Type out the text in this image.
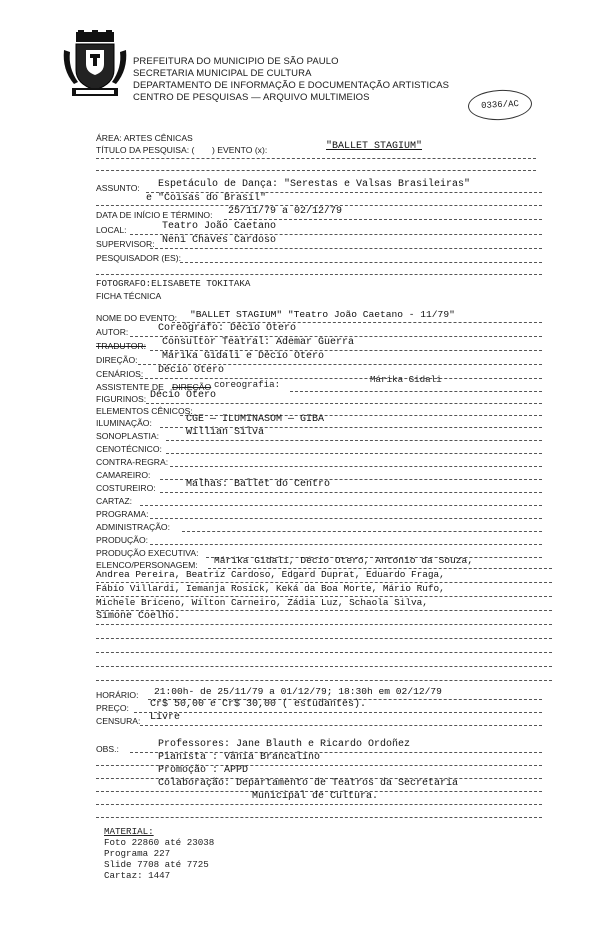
PREFEITURA DO MUNICIPIO DE SÃO PAULO
SECRETARIA MUNICIPAL DE CULTURA
DEPARTAMENTO DE INFORMAÇÃO E DOCUMENTAÇÃO ARTISTICAS
CENTRO DE PESQUISAS — ARQUIVO MULTIMEIOS
0336/AC
ÁREA: ARTES CÊNICAS
TÍTULO DA PESQUISA: ( ) EVENTO (x):	"BALLET STAGIUM"
ASSUNTO: Espetáculo de Dança: "Serestas e Valsas Brasileiras"
e "Coisas do Brasil"
DATA DE INÍCIO E TÉRMINO: 25/11/79 a 02/12/79
LOCAL:	Teatro João Caetano
SUPERVISOR: Neni Chaves Cardoso
PESQUISADOR (ES):
FOTOGRAFO:ELISABETE TOKITAKA
FICHA TÉCNICA
NOME DO EVENTO: "BALLET STAGIUM" "Teatro João Caetano - 11/79"
AUTOR:	Coreógrafo: Décio Otero
TRADUTOR: Consultor Teatral: Ademar Guerra
DIREÇÃO: Márika Gidali e Décio Otero
CENÁRIOS: Décio Otero
ASSISTENTE DE DIREÇÃO coreografia:	Márika Gidali
FIGURINOS: Décio Otero
ELEMENTOS CÊNICOS:
ILUMINAÇÃO:	CGE — ILUMINASOM — GIBA
SONOPLASTIA:	Willian Silva
CENOTÉCNICO:
CONTRA-REGRA:
CAMAREIRO:
COSTUREIRO:	Malhas: Ballet do Centro
CARTAZ:
PROGRAMA:
ADMINISTRAÇÃO:
PRODUÇÃO:
PRODUÇÃO EXECUTIVA:
ELENCO/PERSONAGEM: Márika Gidali, Décio Otero, Antonio da Souza,
Andrea Pereira, Beatriz Cardoso, Edgard Duprat, Eduardo Fraga,
Fábio Villardi, Iemanja Rosick, Keká da Boa Morte, Mário Rufo,
Michele Briceno, Wilton Carneiro, Zádia Luz, Schaola Silva,
Simone Coelho.
HORÁRIO: 21:00h- de 25/11/79 a 01/12/79; 18:30h em 02/12/79
PREÇO: Cr$ 50,00 e Cr$ 30,00 ( estudantes).
CENSURA: Livre
OBS.:	Professores: Jane Blauth e Ricardo Ordoñez
Pianista : Vânia Brancalino
Promoção : APPD
Colaboração: Departamento de Teatros da Secretaria
Municipal de Cultura.
MATERIAL:
Foto 22860 até 23038
Programa 227
Slide 7708 até 7725
Cartaz: 1447
